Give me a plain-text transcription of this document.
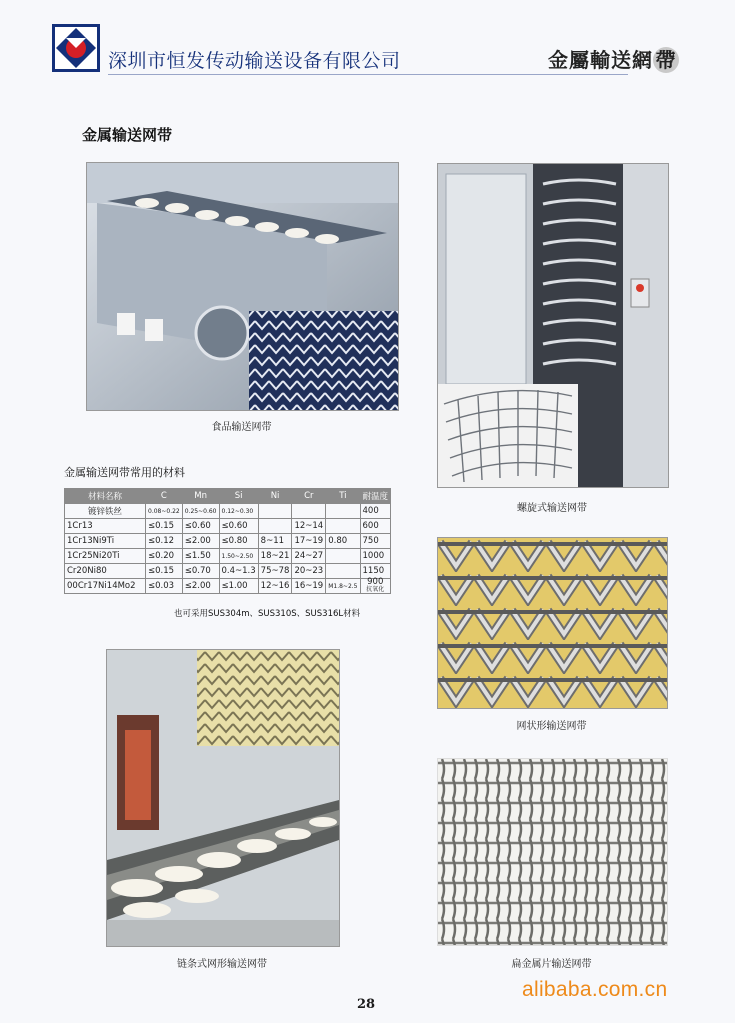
深圳市恒发传动输送设备有限公司	金屬輸送網 帶
金属输送网带
食品输送网带
螺旋式输送网带
金属输送网带常用的材料
材料名称	C	Mn	Si	Ni	Cr	Ti	耐温度
镀锌铁丝	0.08~0.22	0.25~0.60	0.12~0.30				400
1Cr13	≤0.15	≤0.60	≤0.60		12~14		600
1Cr13Ni9Ti	≤0.12	≤2.00	≤0.80	8~11	17~19	0.80	750
1Cr25Ni20Ti	≤0.20	≤1.50	1.50~2.50	18~21	24~27		1000
Cr20Ni80	≤0.15	≤0.70	0.4~1.3	75~78	20~23		1150
00Cr17Ni14Mo2	≤0.03	≤2.00	≤1.00	12~16	16~19	M1.8~2.5	900
抗氧化
也可采用SUS304m、SUS310S、SUS316L材料
网状形输送网带
链条式网形输送网带	扁金属片输送网带
28
alibaba.com.cn
